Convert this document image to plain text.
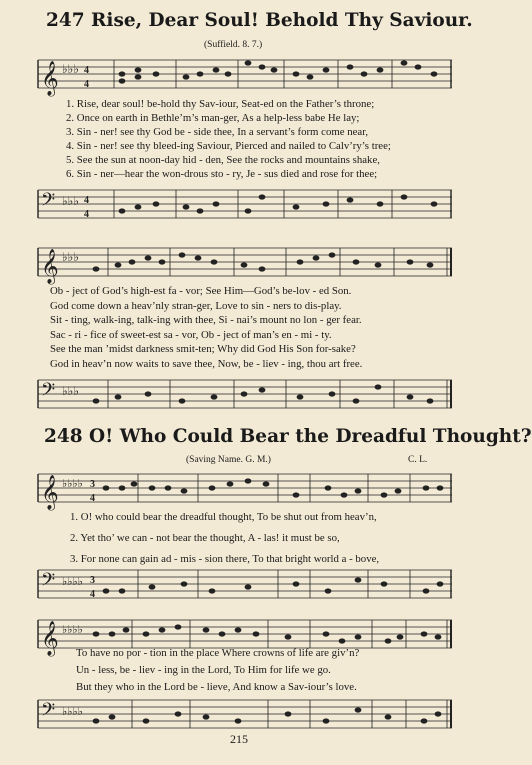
247 Rise, Dear Soul! Behold Thy Saviour.
(Suffield. 8. 7.)
𝄞 ♭♭♭ 4
4
1. Rise, dear soul! be-hold thy Sav-iour, Seat-ed on the Father’s throne;
2. Once on earth in Bethle’m’s man-ger, As a help-less babe He lay;
3. Sin - ner! see thy God be - side thee, In a servant’s form come near,
4. Sin - ner! see thy bleed-ing Saviour, Pierced and nailed to Calv’ry’s tree;
5. See the sun at noon-day hid - den, See the rocks and mountains shake,
6. Sin - ner—hear the won-drous sto - ry, Je - sus died and rose for thee;
𝄢 ♭♭♭ 4
4
𝄞 ♭♭♭
Ob - ject of God’s high-est fa - vor; See Him—God’s be-lov - ed Son.
God come down a heav’nly stran-ger, Love to sin - ners to dis-play.
Sit - ting, walk-ing, talk-ing with thee, Si - nai’s mount no lon - ger fear.
Sac - ri - fice of sweet-est sa - vor, Ob - ject of man’s en - mi - ty.
See the man ’midst darkness smit-ten; Why did God His Son for-sake?
God in heav’n now waits to save thee, Now, be - liev - ing, thou art free.
𝄢 ♭♭♭
248 O! Who Could Bear the Dreadful Thought?
(Saving Name. G. M.)	C. L.
𝄞 ♭♭♭♭ 3
4
1. O! who could bear the dreadful thought, To be shut out from heav’n,
2. Yet tho’ we can - not bear the thought, A - las! it must be so,
3. For none can gain ad - mis - sion there, To that bright world a - bove,
𝄢 ♭♭♭♭ 3
4
𝄞 ♭♭♭♭
To have no por - tion in the place Where crowns of life are giv’n?
Un - less, be - liev - ing in the Lord, To Him for life we go.
But they who in the Lord be - lieve, And know a Sav-iour’s love.
𝄢 ♭♭♭♭
215
